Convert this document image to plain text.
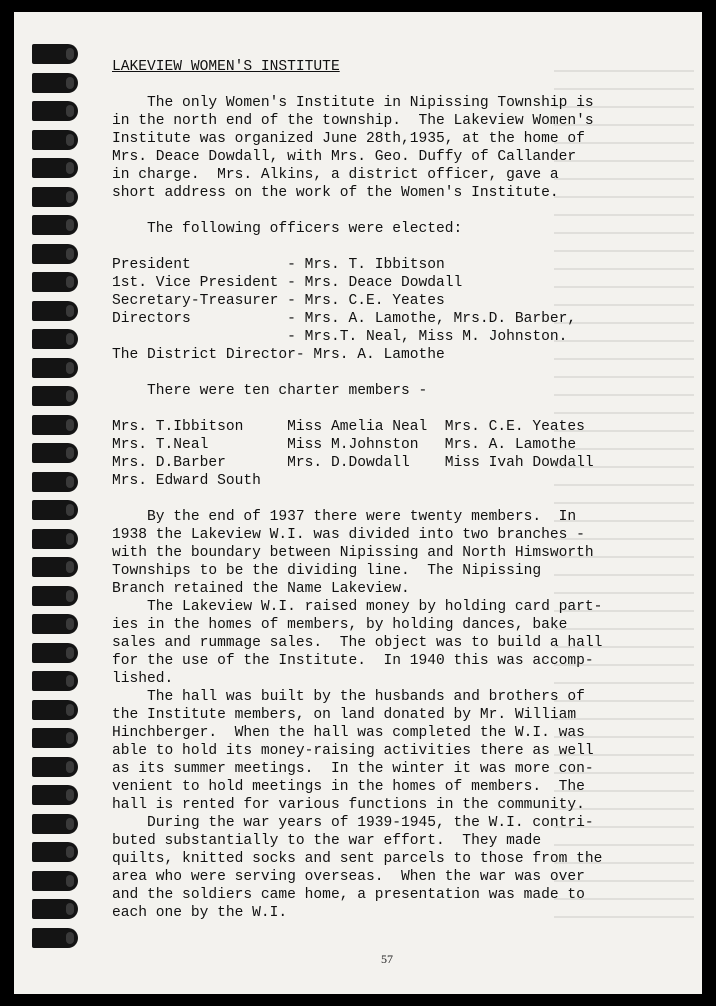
LAKEVIEW WOMEN'S INSTITUTE
The only Women's Institute in Nipissing Township is
in the north end of the township.  The Lakeview Women's
Institute was organized June 28th,1935, at the home of
Mrs. Deace Dowdall, with Mrs. Geo. Duffy of Callander
in charge.  Mrs. Alkins, a district officer, gave a
short address on the work of the Women's Institute.
The following officers were elected:
President           - Mrs. T. Ibbitson
1st. Vice President - Mrs. Deace Dowdall
Secretary-Treasurer - Mrs. C.E. Yeates
Directors           - Mrs. A. Lamothe, Mrs.D. Barber,
- Mrs.T. Neal, Miss M. Johnston.
The District Director- Mrs. A. Lamothe
There were ten charter members -
Mrs. T.Ibbitson     Miss Amelia Neal  Mrs. C.E. Yeates
Mrs. T.Neal         Miss M.Johnston   Mrs. A. Lamothe
Mrs. D.Barber       Mrs. D.Dowdall    Miss Ivah Dowdall
Mrs. Edward South
By the end of 1937 there were twenty members.  In
1938 the Lakeview W.I. was divided into two branches -
with the boundary between Nipissing and North Himsworth
Townships to be the dividing line.  The Nipissing
Branch retained the Name Lakeview.
The Lakeview W.I. raised money by holding card part-
ies in the homes of members, by holding dances, bake
sales and rummage sales.  The object was to build a hall
for the use of the Institute.  In 1940 this was accomp-
lished.
The hall was built by the husbands and brothers of
the Institute members, on land donated by Mr. William
Hinchberger.  When the hall was completed the W.I. was
able to hold its money-raising activities there as well
as its summer meetings.  In the winter it was more con-
venient to hold meetings in the homes of members.  The
hall is rented for various functions in the community.
During the war years of 1939-1945, the W.I. contri-
buted substantially to the war effort.  They made
quilts, knitted socks and sent parcels to those from the
area who were serving overseas.  When the war was over
and the soldiers came home, a presentation was made to
each one by the W.I.
57
